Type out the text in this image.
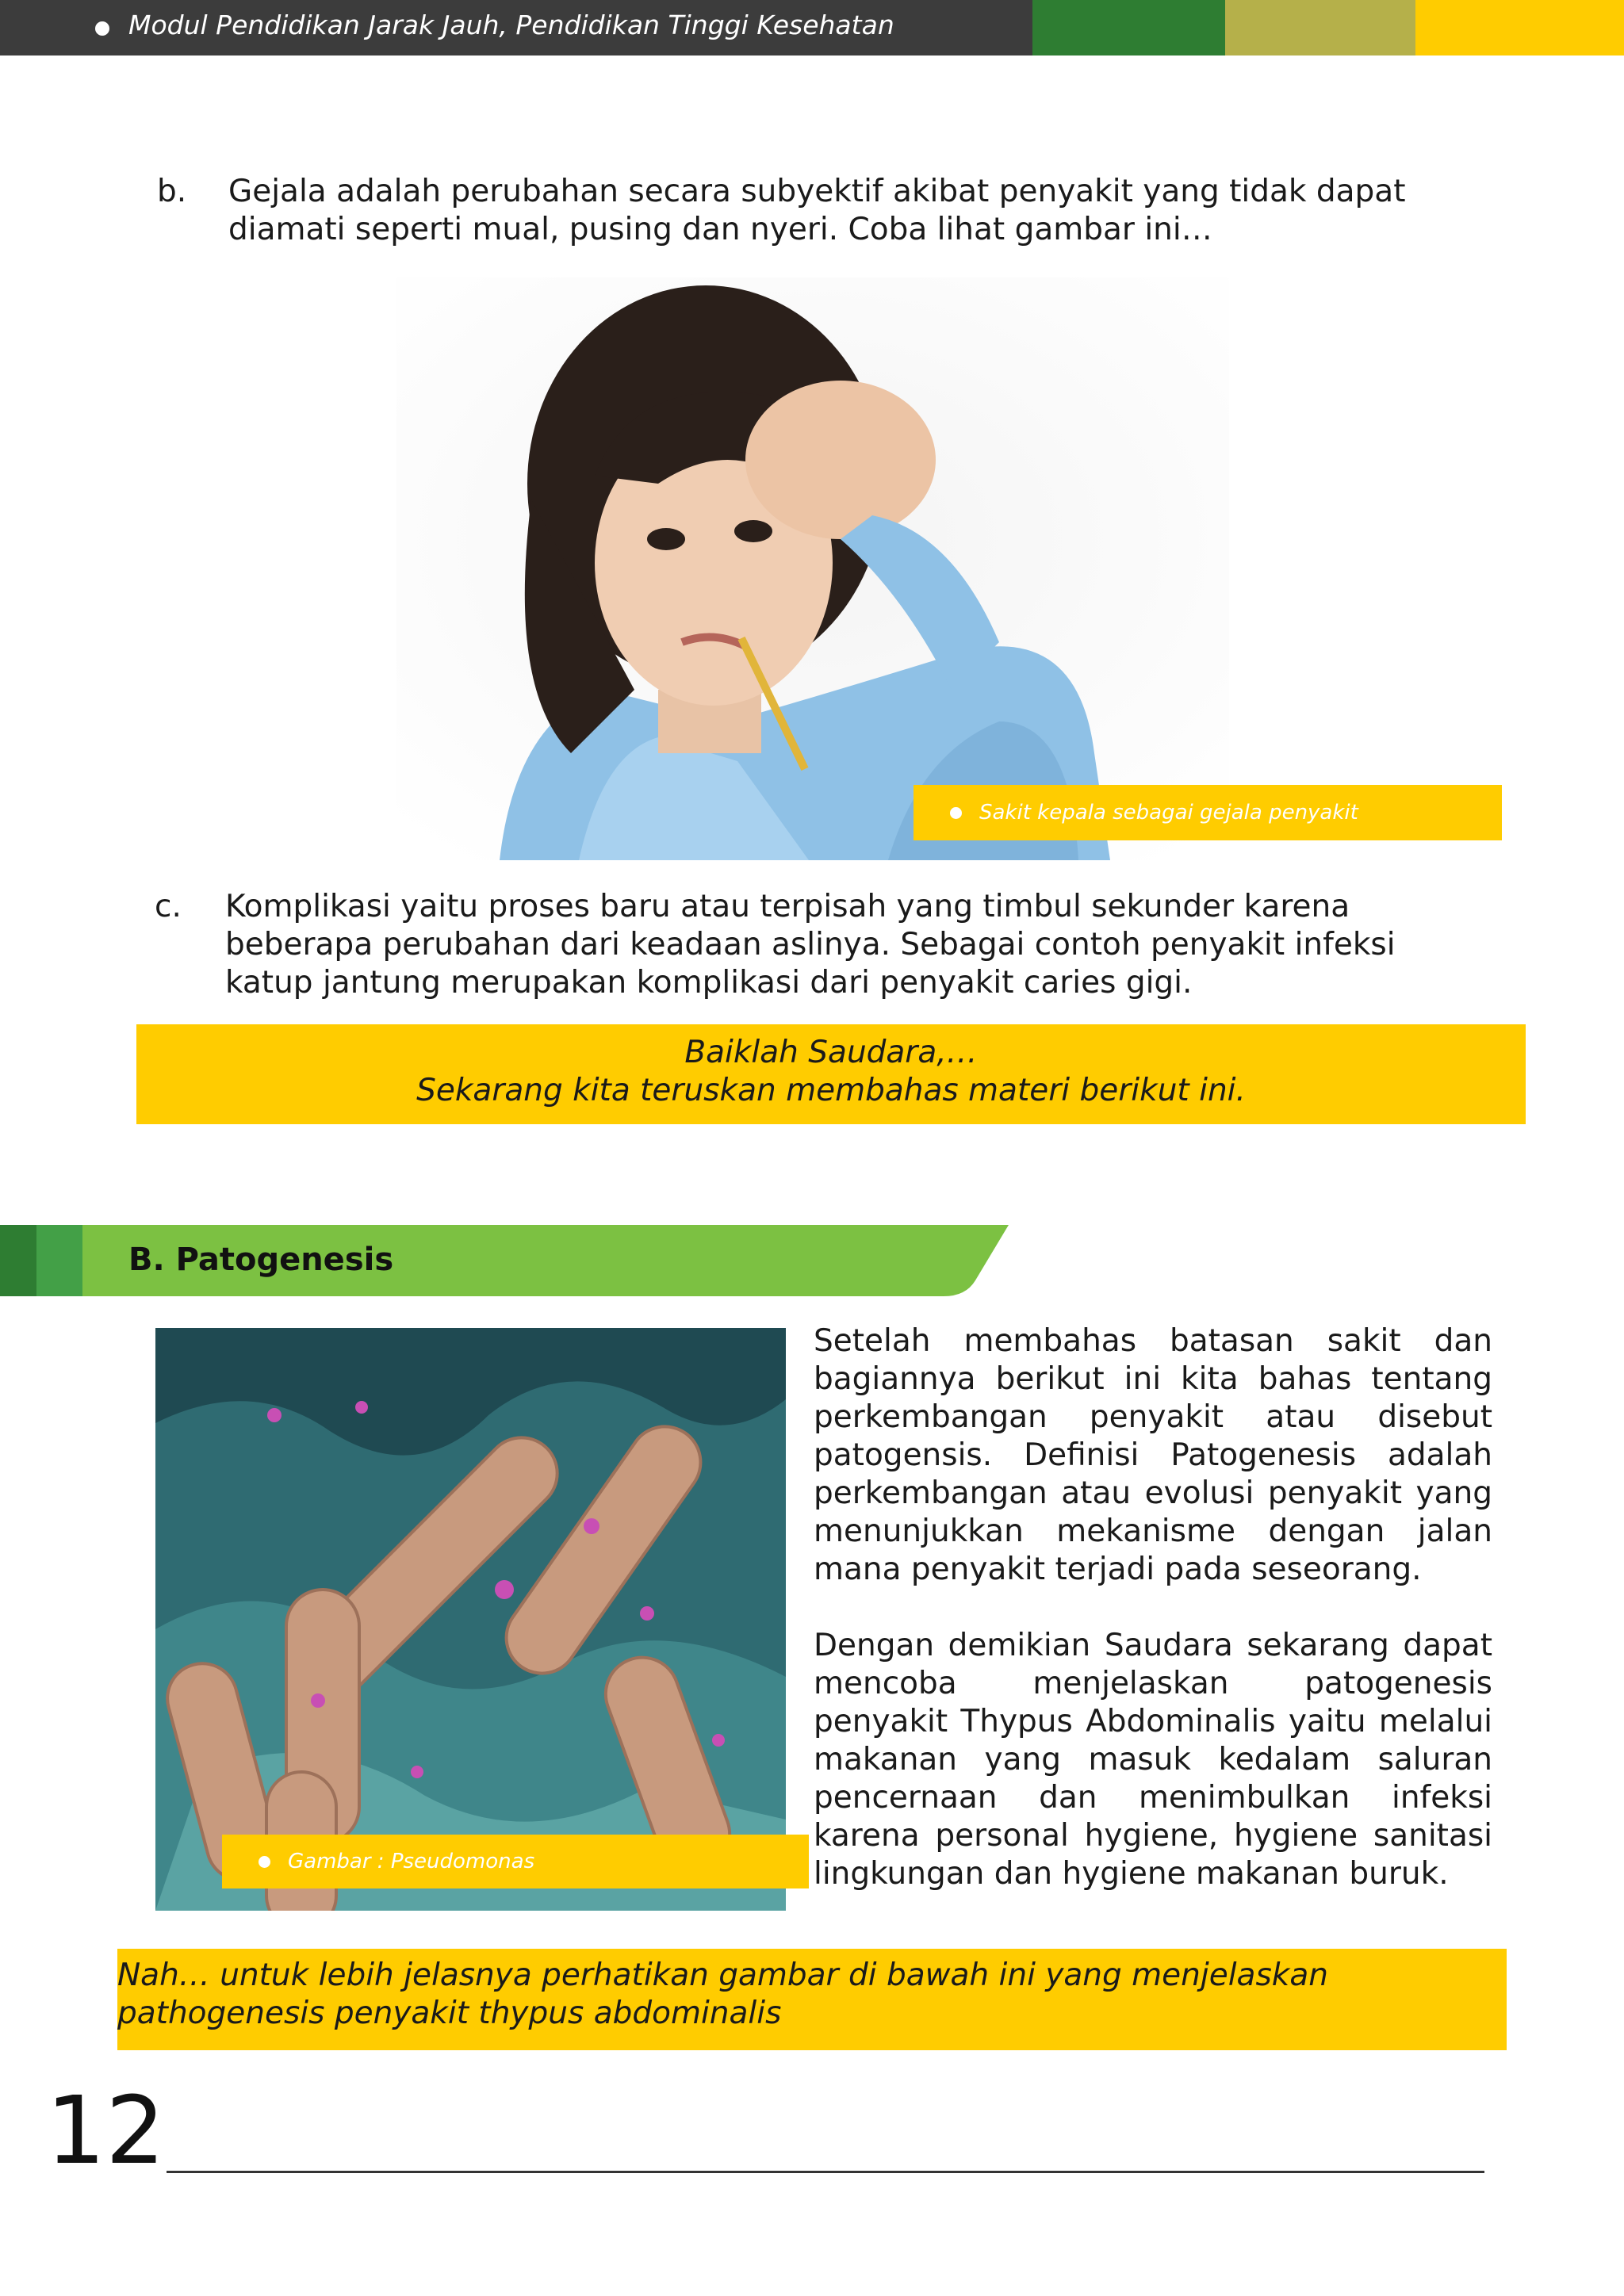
Modul Pendidikan Jarak Jauh, Pendidikan Tinggi Kesehatan
b. Gejala adalah perubahan secara subyektif akibat penyakit yang tidak dapat diamati seperti mual, pusing dan nyeri. Coba lihat gambar ini…
Sakit kepala sebagai gejala penyakit
c. Komplikasi yaitu proses baru atau terpisah yang timbul sekunder karena beberapa perubahan dari keadaan aslinya. Sebagai contoh penyakit infeksi katup jantung merupakan komplikasi dari penyakit caries gigi.
Baiklah Saudara,…
Sekarang kita teruskan membahas materi berikut ini.
B. Patogenesis
Gambar : Pseudomonas
Setelah membahas batasan sakit dan bagiannya berikut ini kita bahas tentang perkembangan penyakit atau disebut patogensis. Definisi Patogenesis adalah perkembangan atau evolusi penyakit yang menunjukkan mekanisme dengan jalan mana penyakit terjadi pada seseorang.
Dengan demikian Saudara sekarang dapat mencoba menjelaskan patogenesis penyakit Thypus Abdominalis yaitu melalui makanan yang masuk kedalam saluran pencernaan dan menimbulkan infeksi karena personal hygiene, hygiene sanitasi lingkungan dan hygiene makanan buruk.
Nah… untuk lebih jelasnya perhatikan gambar di bawah ini yang menjelaskan pathogenesis penyakit thypus abdominalis
12
